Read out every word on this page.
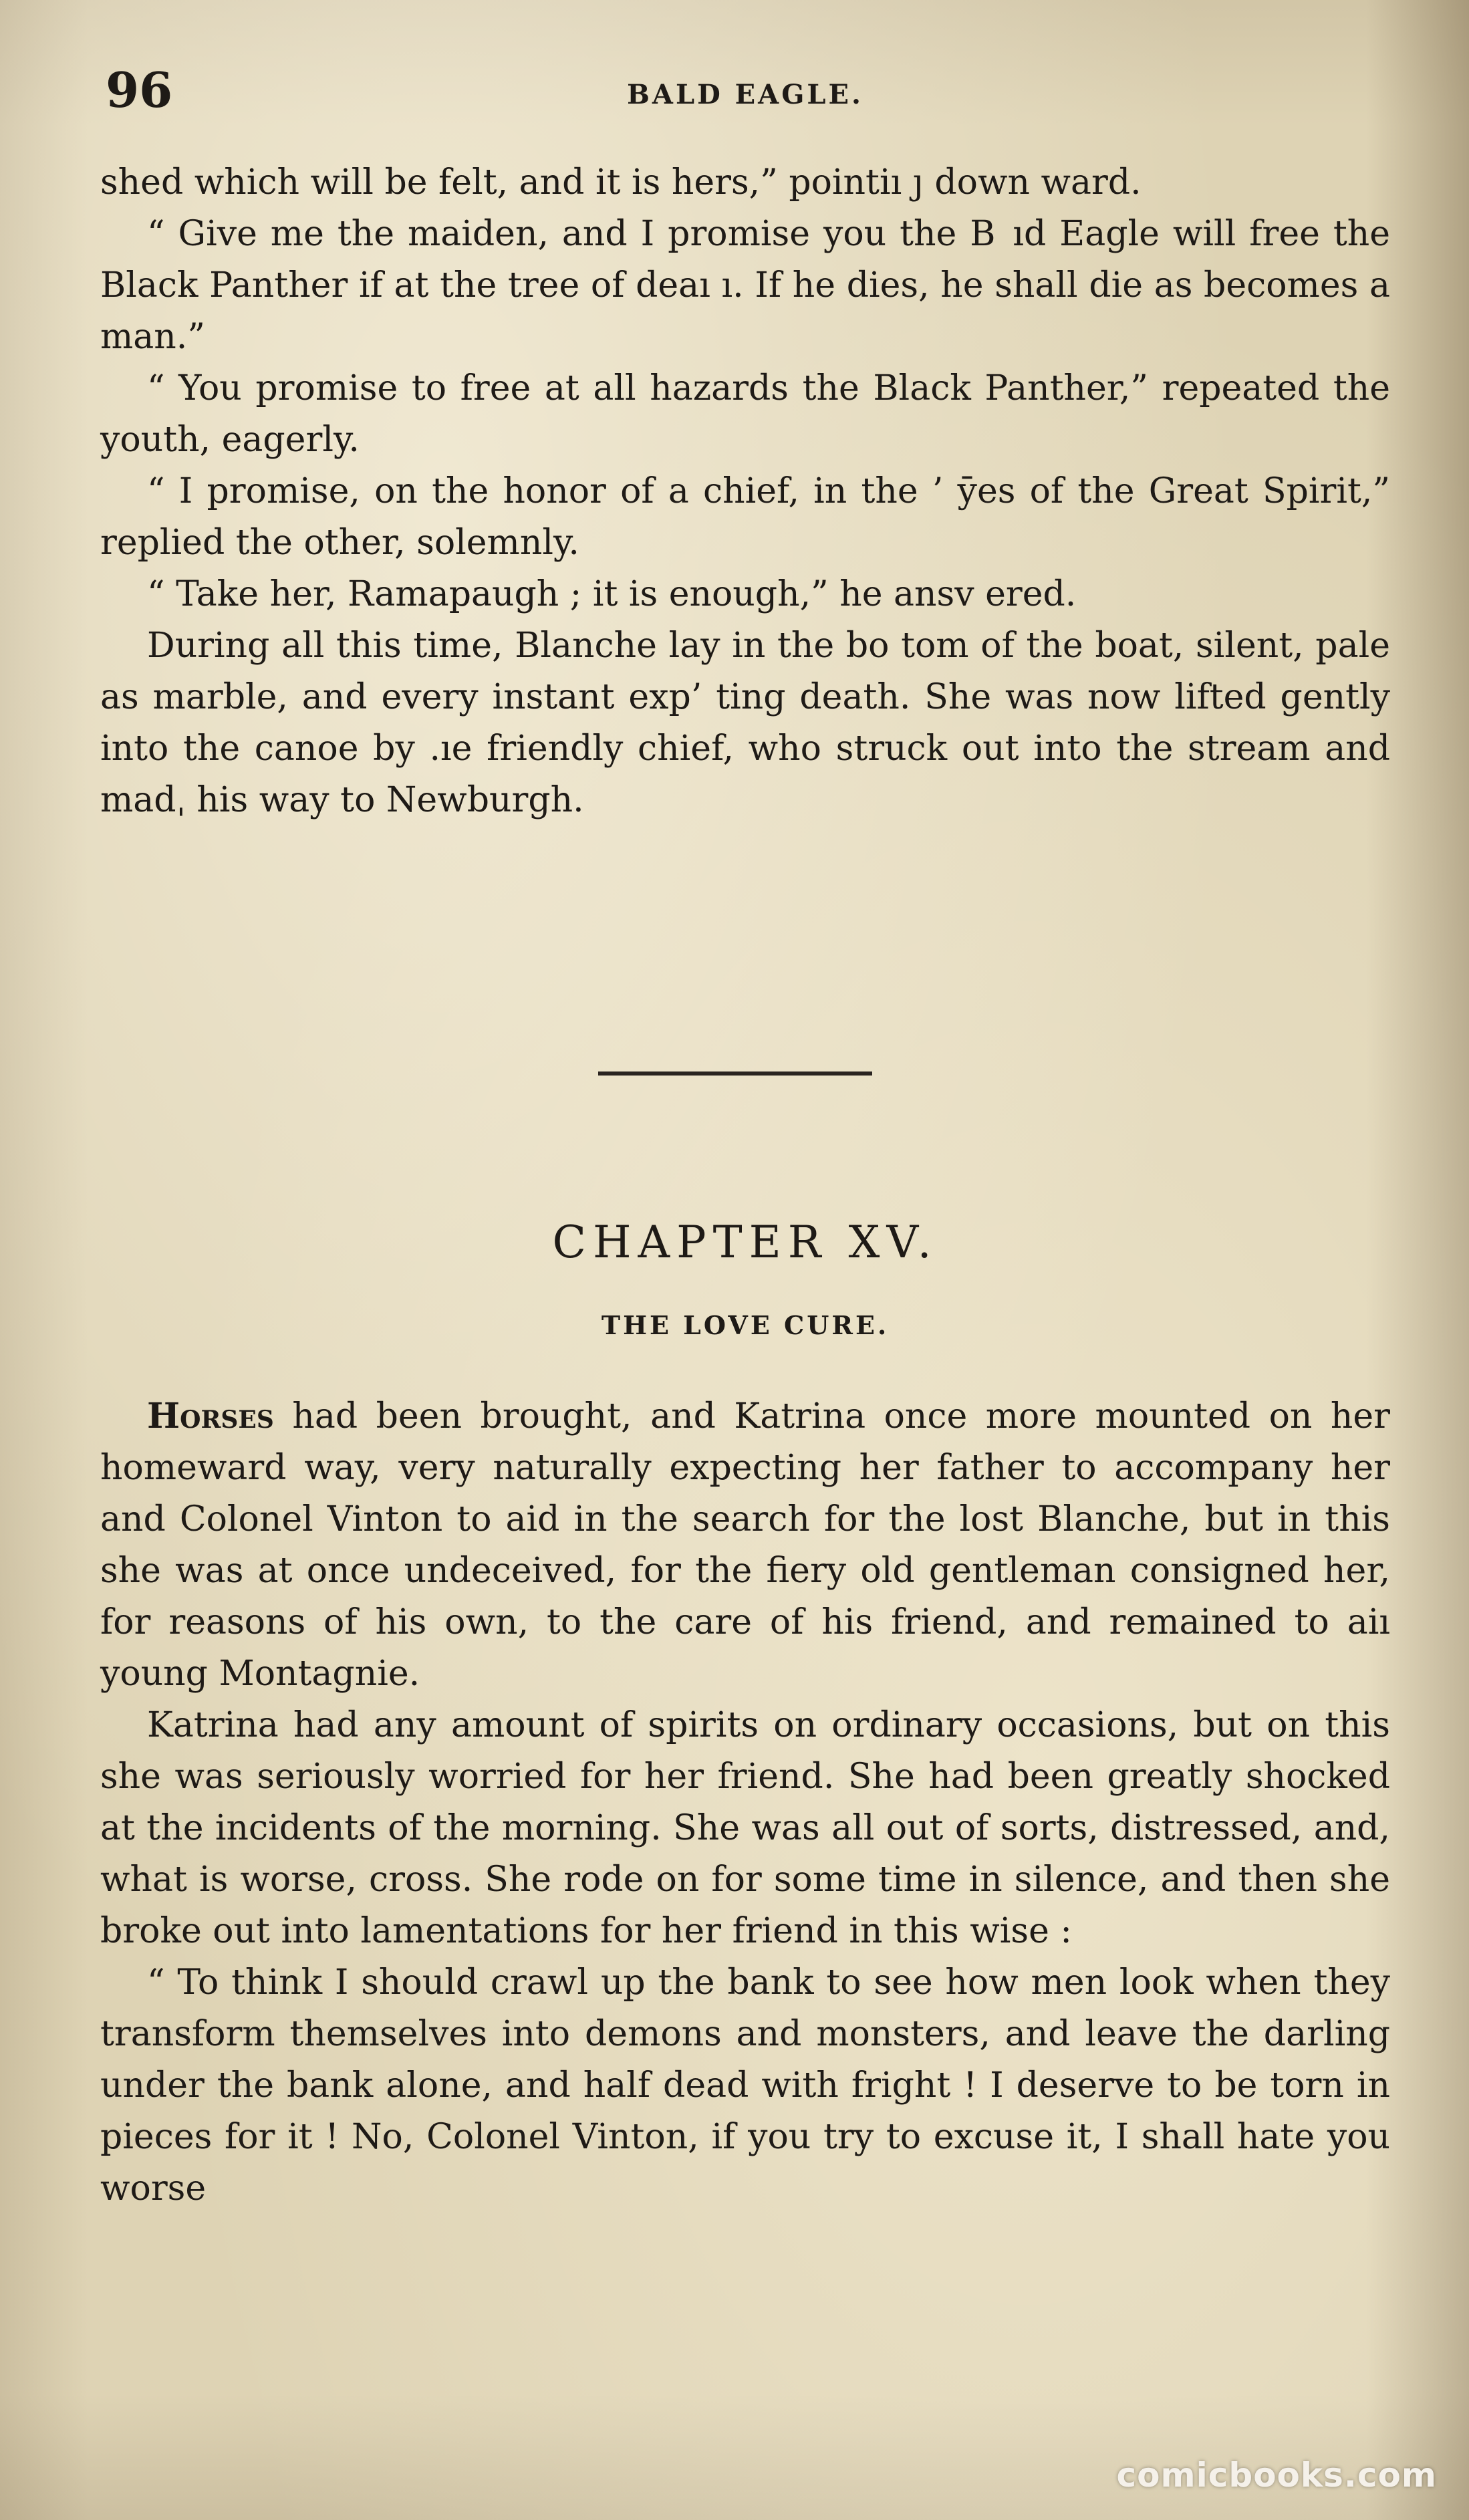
96	BALD EAGLE.

shed which will be felt, and it is hers,” pointiı ȷ down ward.

“ Give me the maiden, and I promise you the B ıd Eagle will free the Black Panther if at the tree of deaı ı. If he dies, he shall die as becomes a man.”

“ You promise to free at all hazards the Black Panther,” repeated the youth, eagerly.

“ I promise, on the honor of a chief, in the ’ ȳes of the Great Spirit,” replied the other, solemnly.

“ Take her, Ramapaugh ; it is enough,” he ansv ered.

During all this time, Blanche lay in the bo tom of the boat, silent, pale as marble, and every instant exp’ ting death. She was now lifted gently into the canoe by .ıe friendly chief, who struck out into the stream and madˌ his way to Newburgh.

CHAPTER XV.
THE LOVE CURE.

Horses had been brought, and Katrina once more mounted on her homeward way, very naturally expecting her father to accompany her and Colonel Vinton to aid in the search for the lost Blanche, but in this she was at once undeceived, for the fiery old gentleman consigned her, for reasons of his own, to the care of his friend, and remained to aiı young Montagnie.

Katrina had any amount of spirits on ordinary occasions, but on this she was seriously worried for her friend. She had been greatly shocked at the incidents of the morning. She was all out of sorts, distressed, and, what is worse, cross. She rode on for some time in silence, and then she broke out into lamentations for her friend in this wise :

“ To think I should crawl up the bank to see how men look when they transform themselves into demons and monsters, and leave the darling under the bank alone, and half dead with fright ! I deserve to be torn in pieces for it ! No, Colonel Vinton, if you try to excuse it, I shall hate you worse

comicbooks.com
